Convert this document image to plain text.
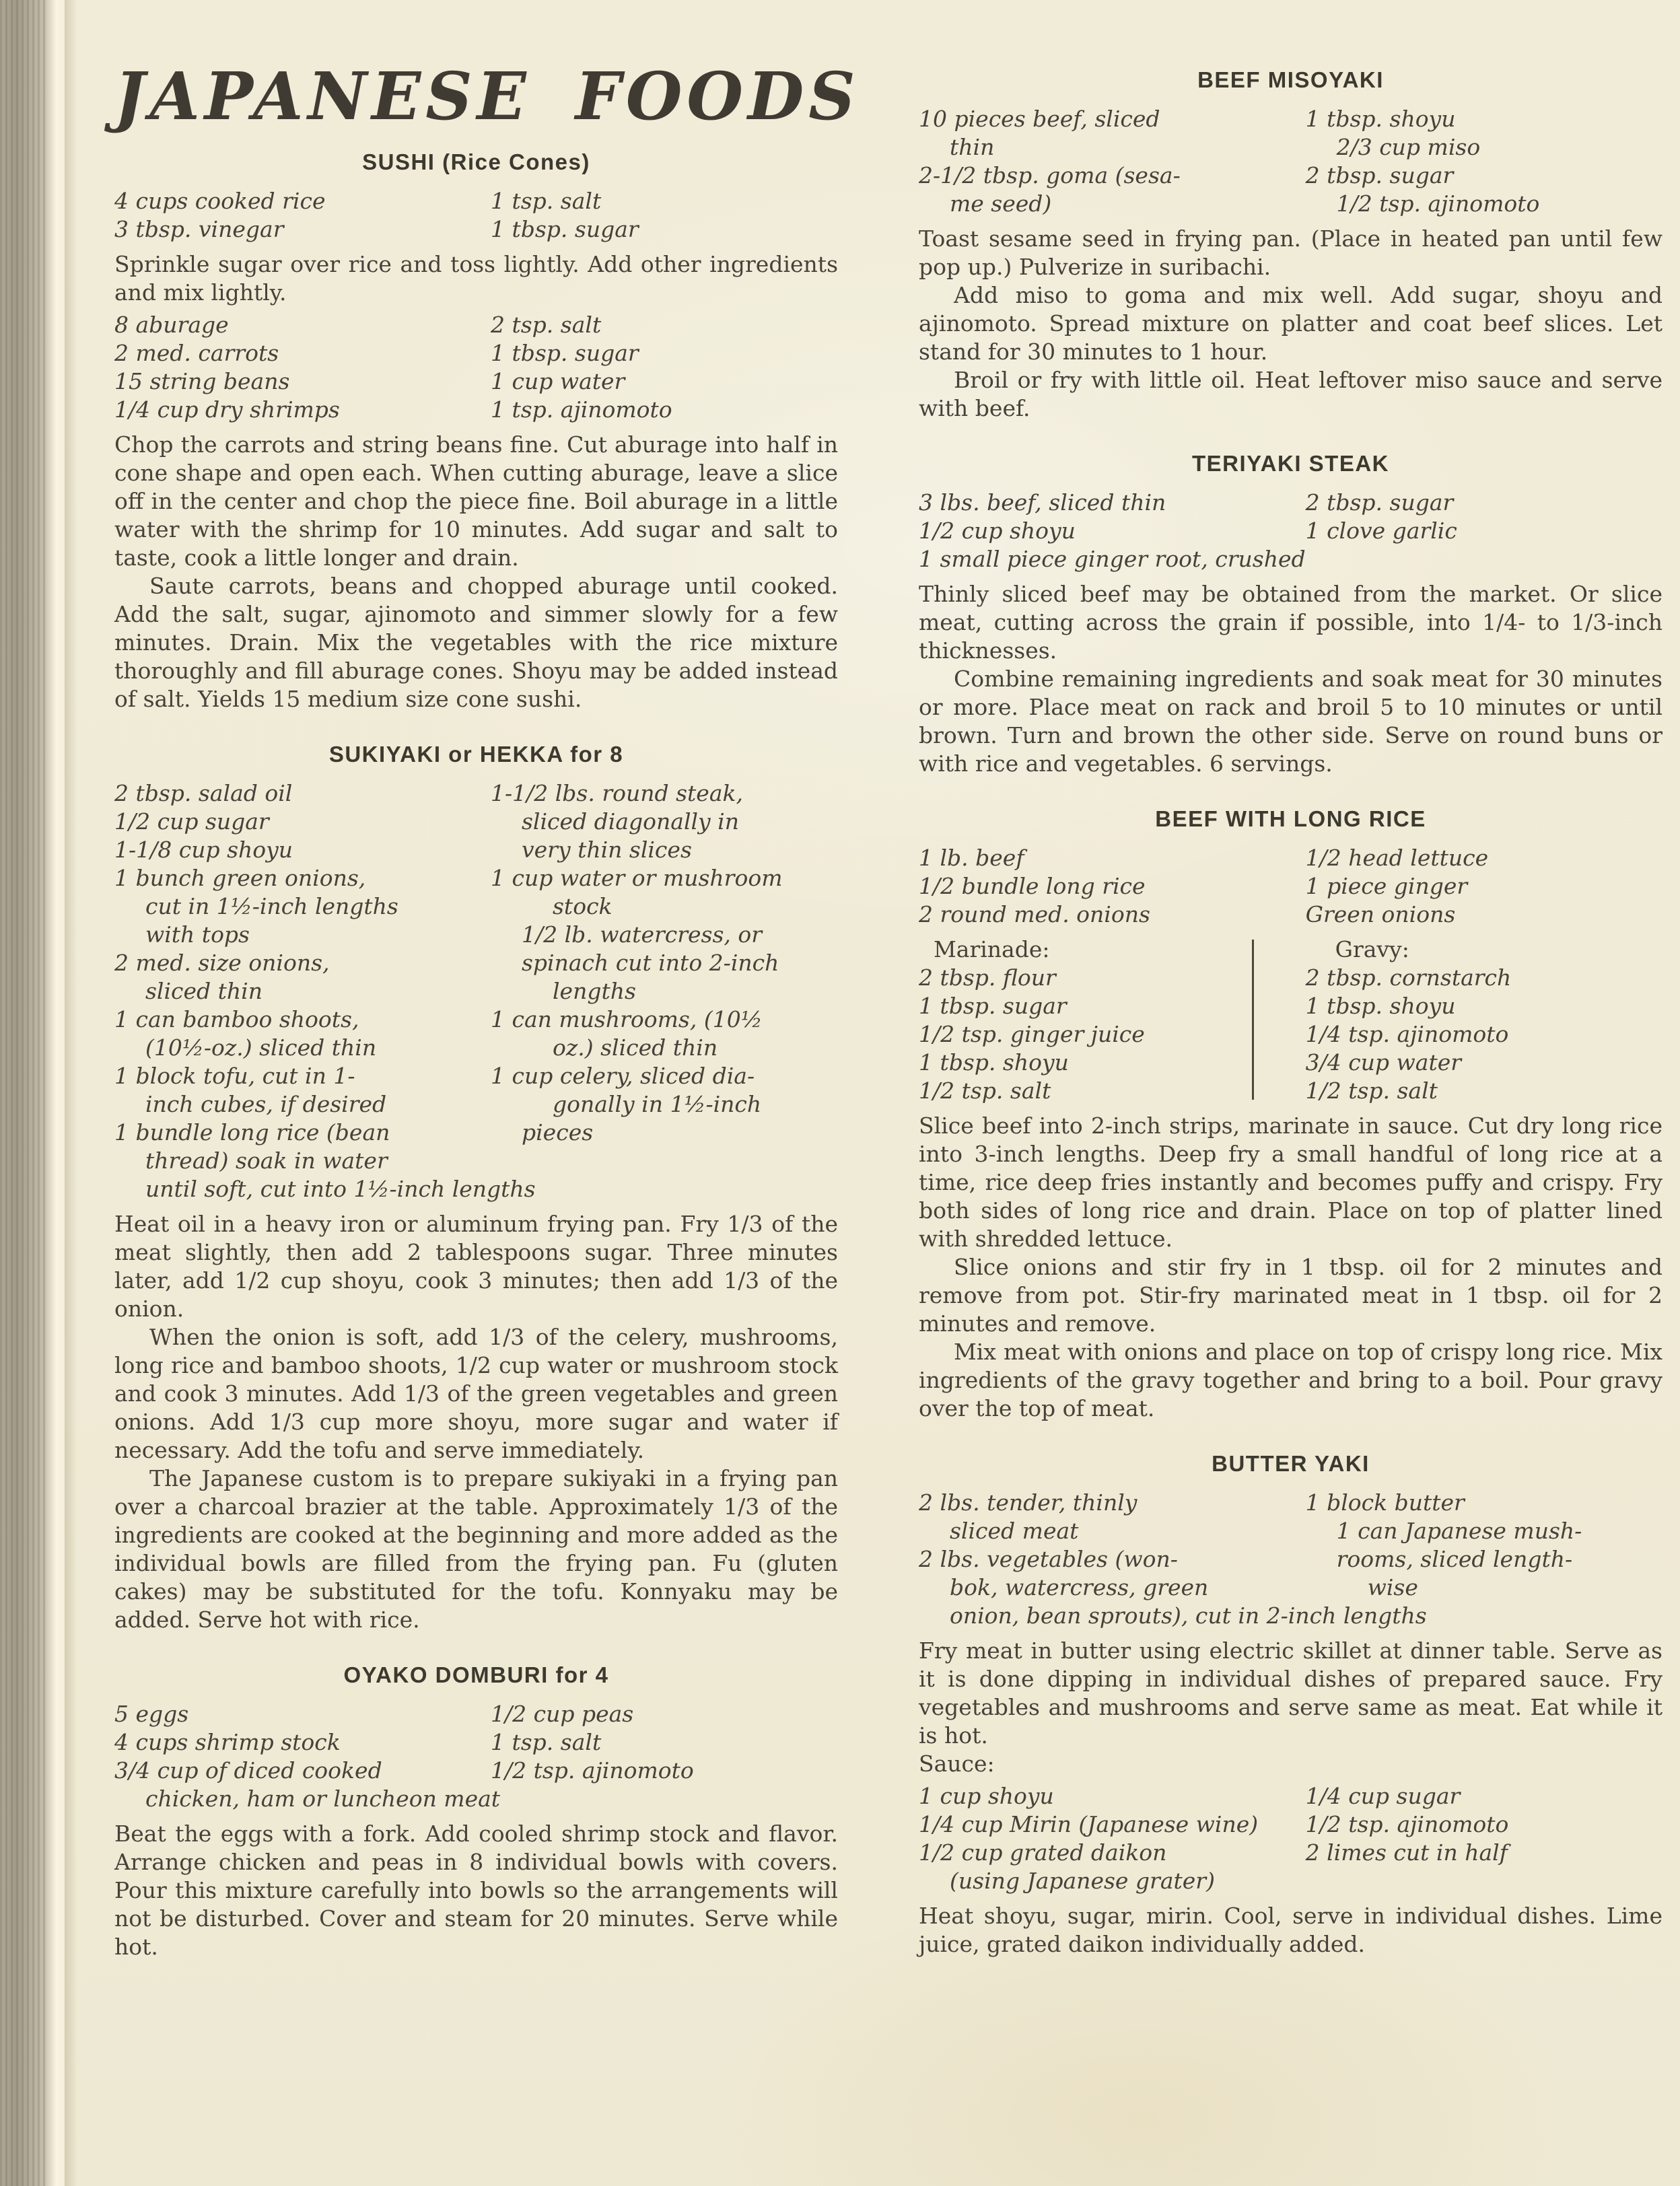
JAPANESE FOODS
SUSHI (Rice Cones)
4 cups cooked rice	1 tsp. salt
3 tbsp. vinegar	1 tbsp. sugar

Sprinkle sugar over rice and toss lightly. Add other ingredients and mix lightly.

8 aburage	2 tsp. salt
2 med. carrots	1 tbsp. sugar
15 string beans	1 cup water
1/4 cup dry shrimps	1 tsp. ajinomoto

Chop the carrots and string beans fine. Cut aburage into half in cone shape and open each. When cutting aburage, leave a slice off in the center and chop the piece fine. Boil aburage in a little water with the shrimp for 10 minutes. Add sugar and salt to taste, cook a little longer and drain.

Saute carrots, beans and chopped aburage until cooked. Add the salt, sugar, ajinomoto and simmer slowly for a few minutes. Drain. Mix the vegetables with the rice mixture thoroughly and fill aburage cones. Shoyu may be added instead of salt. Yields 15 medium size cone sushi.

SUKIYAKI or HEKKA for 8
2 tbsp. salad oil	1-1/2 lbs. round steak,
1/2 cup sugar	sliced diagonally in
1-1/8 cup shoyu	very thin slices
1 bunch green onions,	1 cup water or mushroom
cut in 1½-inch lengths	stock
with tops	1/2 lb. watercress, or
2 med. size onions,	spinach cut into 2-inch
sliced thin	lengths
1 can bamboo shoots,	1 can mushrooms, (10½
(10½-oz.) sliced thin	oz.) sliced thin
1 block tofu, cut in 1-	1 cup celery, sliced dia-
inch cubes, if desired	gonally in 1½-inch
1 bundle long rice (bean	pieces
thread) soak in water
until soft, cut into 1½-inch lengths

Heat oil in a heavy iron or aluminum frying pan. Fry 1/3 of the meat slightly, then add 2 tablespoons sugar. Three minutes later, add 1/2 cup shoyu, cook 3 minutes; then add 1/3 of the onion.

When the onion is soft, add 1/3 of the celery, mushrooms, long rice and bamboo shoots, 1/2 cup water or mushroom stock and cook 3 minutes. Add 1/3 of the green vegetables and green onions. Add 1/3 cup more shoyu, more sugar and water if necessary. Add the tofu and serve immediately.

The Japanese custom is to prepare sukiyaki in a frying pan over a charcoal brazier at the table. Approximately 1/3 of the ingredients are cooked at the beginning and more added as the individual bowls are filled from the frying pan. Fu (gluten cakes) may be substituted for the tofu. Konnyaku may be added. Serve hot with rice.

OYAKO DOMBURI for 4
5 eggs	1/2 cup peas
4 cups shrimp stock	1 tsp. salt
3/4 cup of diced cooked	1/2 tsp. ajinomoto
chicken, ham or luncheon meat

Beat the eggs with a fork. Add cooled shrimp stock and flavor. Arrange chicken and peas in 8 individual bowls with covers. Pour this mixture carefully into bowls so the arrangements will not be disturbed. Cover and steam for 20 minutes. Serve while hot.

BEEF MISOYAKI
10 pieces beef, sliced	1 tbsp. shoyu
thin	2/3 cup miso
2-1/2 tbsp. goma (sesa-	2 tbsp. sugar
me seed)	1/2 tsp. ajinomoto

Toast sesame seed in frying pan. (Place in heated pan until few pop up.) Pulverize in suribachi.

Add miso to goma and mix well. Add sugar, shoyu and ajinomoto. Spread mixture on platter and coat beef slices. Let stand for 30 minutes to 1 hour.

Broil or fry with little oil. Heat leftover miso sauce and serve with beef.

TERIYAKI STEAK
3 lbs. beef, sliced thin	2 tbsp. sugar
1/2 cup shoyu	1 clove garlic
1 small piece ginger root, crushed

Thinly sliced beef may be obtained from the market. Or slice meat, cutting across the grain if possible, into 1/4- to 1/3-inch thicknesses.

Combine remaining ingredients and soak meat for 30 minutes or more. Place meat on rack and broil 5 to 10 minutes or until brown. Turn and brown the other side. Serve on round buns or with rice and vegetables. 6 servings.

BEEF WITH LONG RICE
1 lb. beef	1/2 head lettuce
1/2 bundle long rice	1 piece ginger
2 round med. onions	Green onions
Marinade:	Gravy:
2 tbsp. flour	2 tbsp. cornstarch
1 tbsp. sugar	1 tbsp. shoyu
1/2 tsp. ginger juice	1/4 tsp. ajinomoto
1 tbsp. shoyu	3/4 cup water
1/2 tsp. salt	1/2 tsp. salt

Slice beef into 2-inch strips, marinate in sauce. Cut dry long rice into 3-inch lengths. Deep fry a small handful of long rice at a time, rice deep fries instantly and becomes puffy and crispy. Fry both sides of long rice and drain. Place on top of platter lined with shredded lettuce.

Slice onions and stir fry in 1 tbsp. oil for 2 minutes and remove from pot. Stir-fry marinated meat in 1 tbsp. oil for 2 minutes and remove.

Mix meat with onions and place on top of crispy long rice. Mix ingredients of the gravy together and bring to a boil. Pour gravy over the top of meat.

BUTTER YAKI
2 lbs. tender, thinly	1 block butter
sliced meat	1 can Japanese mush-
2 lbs. vegetables (won-	rooms, sliced length-
bok, watercress, green	wise
onion, bean sprouts), cut in 2-inch lengths

Fry meat in butter using electric skillet at dinner table. Serve as it is done dipping in individual dishes of prepared sauce. Fry vegetables and mushrooms and serve same as meat. Eat while it is hot.

Sauce:

1 cup shoyu	1/4 cup sugar
1/4 cup Mirin (Japanese wine)	1/2 tsp. ajinomoto
1/2 cup grated daikon	2 limes cut in half
(using Japanese grater)

Heat shoyu, sugar, mirin. Cool, serve in individual dishes. Lime juice, grated daikon individually added.
